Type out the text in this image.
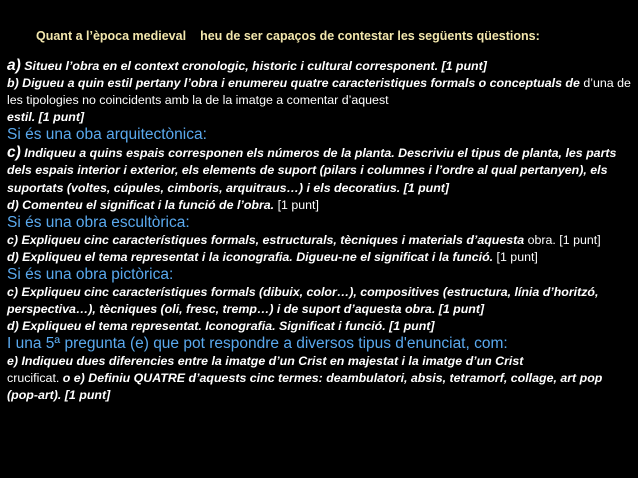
Quant a l’època medieval heu de ser capaços de contestar les següents qüestions:

a) Situeu l’obra en el context cronologic, historic i cultural corresponent. [1 punt]

b) Digueu a quin estil pertany l’obra i enumereu quatre caracteristiques formals o conceptuals de d’una de les tipologies no coincidents amb la de la imatge a comentar d’aquest
estil. [1 punt]

Si és una oba arquitectònica:

c) Indiqueu a quins espais corresponen els números de la planta. Descriviu el tipus de planta, les parts dels espais interior i exterior, els elements de suport (pilars i columnes i l’ordre al qual pertanyen), els suportats (voltes, cúpules, cimboris, arquitraus…) i els decoratius. [1 punt]

d) Comenteu el significat i la funció de l’obra. [1 punt]

Si és una obra escultòrica:

c) Expliqueu cinc característiques formals, estructurals, tècniques i materials d’aquesta obra. [1 punt]

d) Expliqueu el tema representat i la iconografia. Digueu-ne el significat i la funció. [1 punt]

Si és una obra pictòrica:

c) Expliqueu cinc característiques formals (dibuix, color…), compositives (estructura, línia d’horitzó, perspectiva…), tècniques (oli, fresc, tremp…) i de suport d’aquesta obra. [1 punt]

d) Expliqueu el tema representat. Iconografia. Significat i funció. [1 punt]

I una 5ª pregunta (e) que pot respondre a diversos tipus d'enunciat, com:

e) Indiqueu dues diferencies entre la imatge d’un Crist en majestat i la imatge d’un Crist
crucificat. o e) Definiu QUATRE d’aquests cinc termes: deambulatori, absis, tetramorf, collage, art pop (pop-art). [1 punt]
